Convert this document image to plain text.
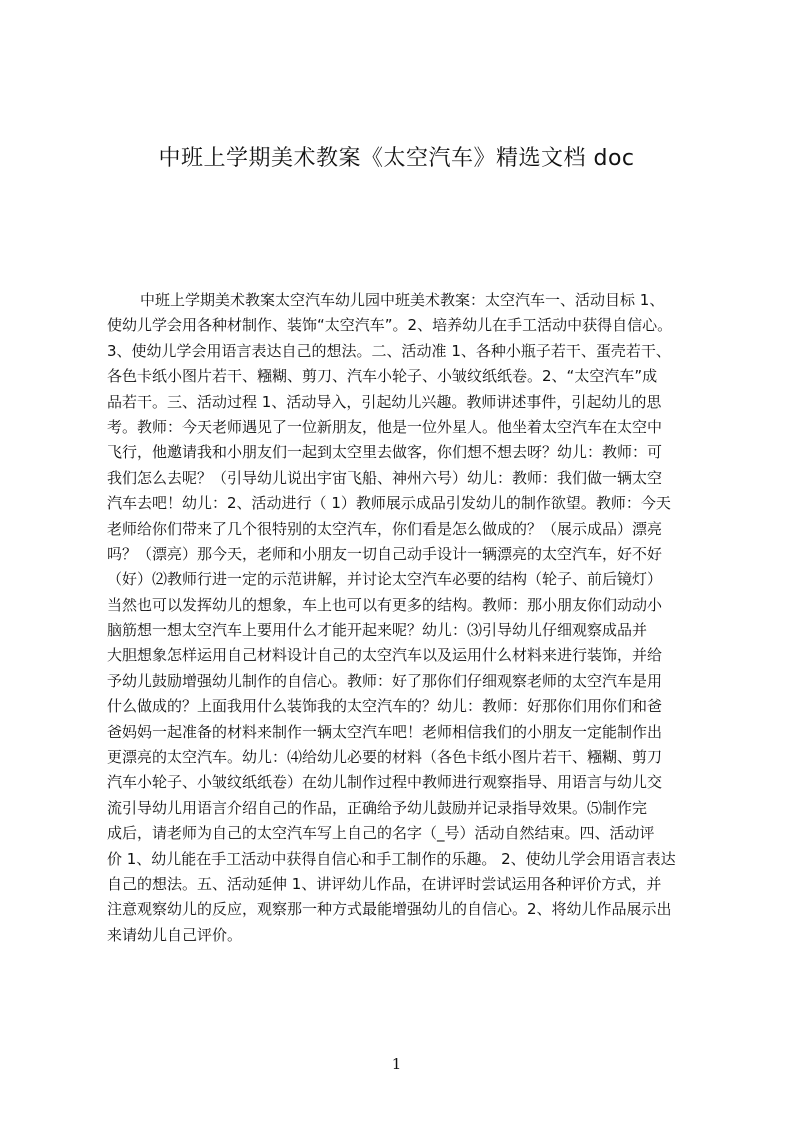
中班上学期美术教案《太空汽车》精选文档 doc
中班上学期美术教案太空汽车幼儿园中班美术教案：太空汽车一、活动目标 1、
使幼儿学会用各种材制作、装饰“太空汽车”。2、培养幼儿在手工活动中获得自信心。
3、使幼儿学会用语言表达自己的想法。二、活动准 1、各种小瓶子若干、蛋壳若干、
各色卡纸小图片若干、糨糊、剪刀、汽车小轮子、小皱纹纸纸卷。2、“太空汽车”成
品若干。三、活动过程 1、活动导入，引起幼儿兴趣。教师讲述事件，引起幼儿的思
考。教师：今天老师遇见了一位新朋友，他是一位外星人。他坐着太空汽车在太空中
飞行，他邀请我和小朋友们一起到太空里去做客，你们想不想去呀？幼儿：教师：可
我们怎么去呢？（引导幼儿说出宇宙飞船、神州六号）幼儿：教师：我们做一辆太空
汽车去吧！幼儿：2、活动进行（ 1）教师展示成品引发幼儿的制作欲望。教师：今天
老师给你们带来了几个很特别的太空汽车，你们看是怎么做成的？（展示成品）漂亮
吗？（漂亮）那今天，老师和小朋友一切自己动手设计一辆漂亮的太空汽车，好不好
（好）⑵教师行进一定的示范讲解，并讨论太空汽车必要的结构（轮子、前后镜灯）
当然也可以发挥幼儿的想象，车上也可以有更多的结构。教师：那小朋友你们动动小
脑筋想一想太空汽车上要用什么才能开起来呢？幼儿：⑶引导幼儿仔细观察成品并
大胆想象怎样运用自己材料设计自己的太空汽车以及运用什么材料来进行装饰，并给
予幼儿鼓励增强幼儿制作的自信心。教师：好了那你们仔细观察老师的太空汽车是用
什么做成的？上面我用什么装饰我的太空汽车的？幼儿：教师：好那你们用你们和爸
爸妈妈一起准备的材料来制作一辆太空汽车吧！老师相信我们的小朋友一定能制作出
更漂亮的太空汽车。幼儿：⑷给幼儿必要的材料（各色卡纸小图片若干、糨糊、剪刀
汽车小轮子、小皱纹纸纸卷）在幼儿制作过程中教师进行观察指导、用语言与幼儿交
流引导幼儿用语言介绍自己的作品，正确给予幼儿鼓励并记录指导效果。⑸制作完
成后，请老师为自己的太空汽车写上自己的名字（_号）活动自然结束。四、活动评
价 1、幼儿能在手工活动中获得自信心和手工制作的乐趣。 2、使幼儿学会用语言表达
自己的想法。五、活动延伸 1、讲评幼儿作品，在讲评时尝试运用各种评价方式，并
注意观察幼儿的反应，观察那一种方式最能增强幼儿的自信心。2、将幼儿作品展示出
来请幼儿自己评价。
1
